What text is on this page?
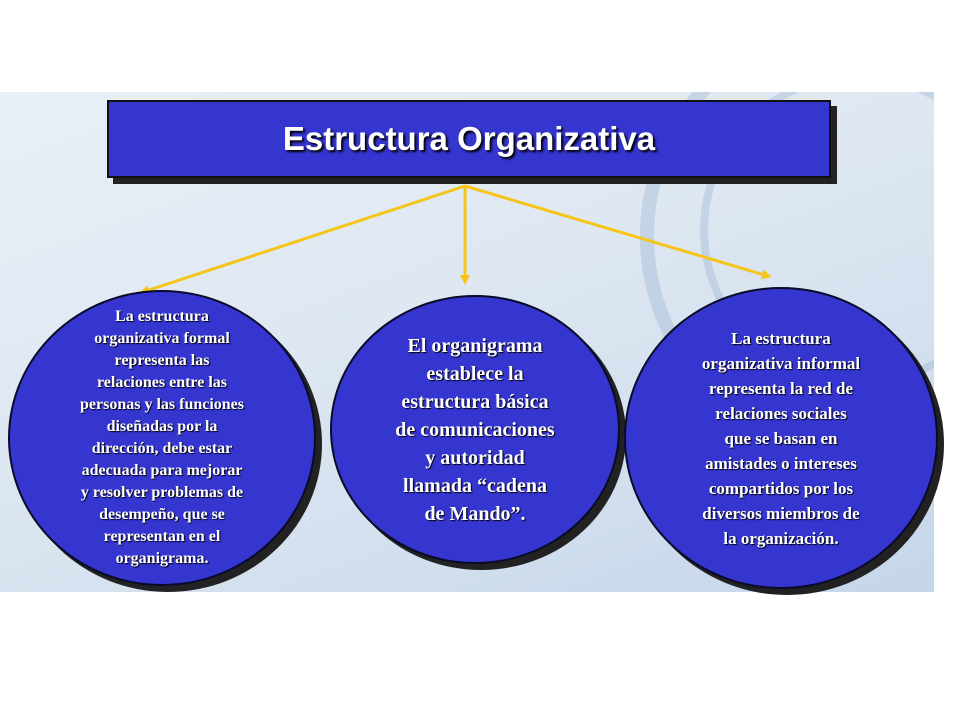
Estructura Organizativa
La estructura
organizativa formal
representa las
relaciones entre las
personas y las funciones
diseñadas por la
dirección, debe estar
adecuada para mejorar
y resolver problemas de
desempeño, que se
representan en el
organigrama.
El organigrama
establece la
estructura básica
de comunicaciones
y autoridad
llamada “cadena
de Mando”.
La estructura
organizativa informal
representa la red de
relaciones sociales
que se basan en
amistades o intereses
compartidos por los
diversos miembros de
la organización.
